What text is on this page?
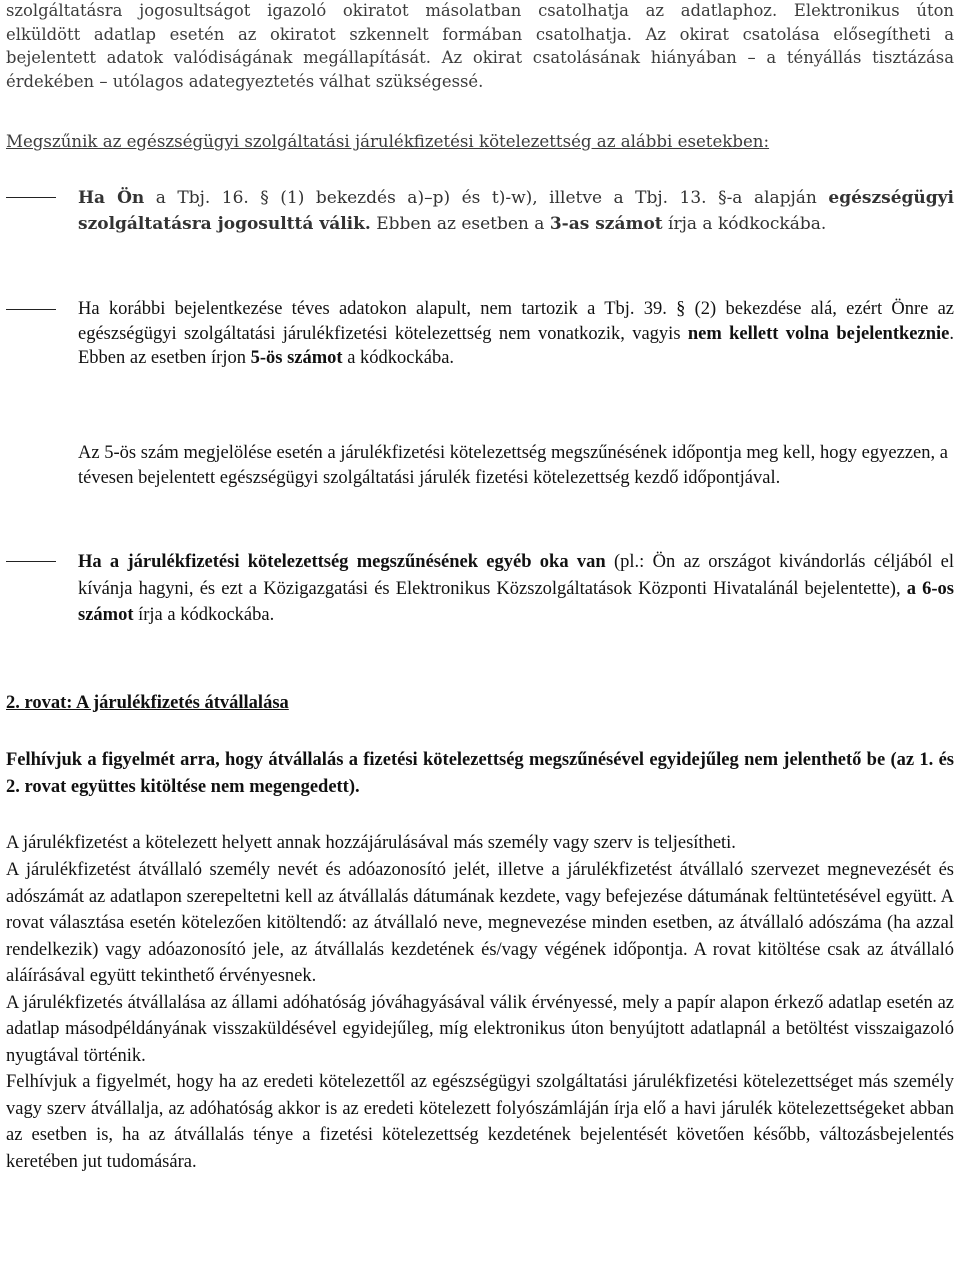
szolgáltatásra jogosultságot igazoló okiratot másolatban csatolhatja az adatlaphoz. Elektronikus úton

elküldött adatlap esetén az okiratot szkennelt formában csatolhatja. Az okirat csatolása elősegítheti a

bejelentett adatok valódiságának megállapítását. Az okirat csatolásának hiányában – a tényállás tisztázása

érdekében – utólagos adategyeztetés válhat szükségessé.

Megszűnik az egészségügyi szolgáltatási járulékfizetési kötelezettség az alábbi esetekben:

Ha Ön a Tbj. 16. § (1) bekezdés a)–p) és t)-w), illetve a Tbj. 13. §-a alapján egészségügyi szolgáltatásra jogosulttá válik. Ebben az esetben a 3-as számot írja a kódkockába.

Ha korábbi bejelentkezése téves adatokon alapult, nem tartozik a Tbj. 39. § (2) bekezdése alá, ezért Önre az egészségügyi szolgáltatási járulékfizetési kötelezettség nem vonatkozik, vagyis nem kellett volna bejelentkeznie. Ebben az esetben írjon 5-ös számot a kódkockába.

Az 5-ös szám megjelölése esetén a járulékfizetési kötelezettség megszűnésének időpontja meg kell, hogy egyezzen, a tévesen bejelentett egészségügyi szolgáltatási járulék fizetési kötelezettség kezdő időpontjával.

Ha a járulékfizetési kötelezettség megszűnésének egyéb oka van (pl.: Ön az országot kivándorlás céljából el kívánja hagyni, és ezt a Közigazgatási és Elektronikus Közszolgáltatások Központi Hivatalánál bejelentette), a 6-os számot írja a kódkockába.

2. rovat: A járulékfizetés átvállalása

Felhívjuk a figyelmét arra, hogy átvállalás a fizetési kötelezettség megszűnésével egyidejűleg nem jelenthető be (az 1. és 2. rovat együttes kitöltése nem megengedett).

A járulékfizetést a kötelezett helyett annak hozzájárulásával más személy vagy szerv is teljesítheti.

A járulékfizetést átvállaló személy nevét és adóazonosító jelét, illetve a járulékfizetést átvállaló szervezet megnevezését és adószámát az adatlapon szerepeltetni kell az átvállalás dátumának kezdete, vagy befejezése dátumának feltüntetésével együtt. A rovat választása esetén kötelezően kitöltendő: az átvállaló neve, megnevezése minden esetben, az átvállaló adószáma (ha azzal rendelkezik) vagy adóazonosító jele, az átvállalás kezdetének és/vagy végének időpontja. A rovat kitöltése csak az átvállaló aláírásával együtt tekinthető érvényesnek.

A járulékfizetés átvállalása az állami adóhatóság jóváhagyásával válik érvényessé, mely a papír alapon érkező adatlap esetén az adatlap másodpéldányának visszaküldésével egyidejűleg, míg elektronikus úton benyújtott adatlapnál a betöltést visszaigazoló nyugtával történik.

Felhívjuk a figyelmét, hogy ha az eredeti kötelezettől az egészségügyi szolgáltatási járulékfizetési kötelezettséget más személy vagy szerv átvállalja, az adóhatóság akkor is az eredeti kötelezett folyószámláján írja elő a havi járulék kötelezettségeket abban az esetben is, ha az átvállalás ténye a fizetési kötelezettség kezdetének bejelentését követően később, változásbejelentés keretében jut tudomására.
